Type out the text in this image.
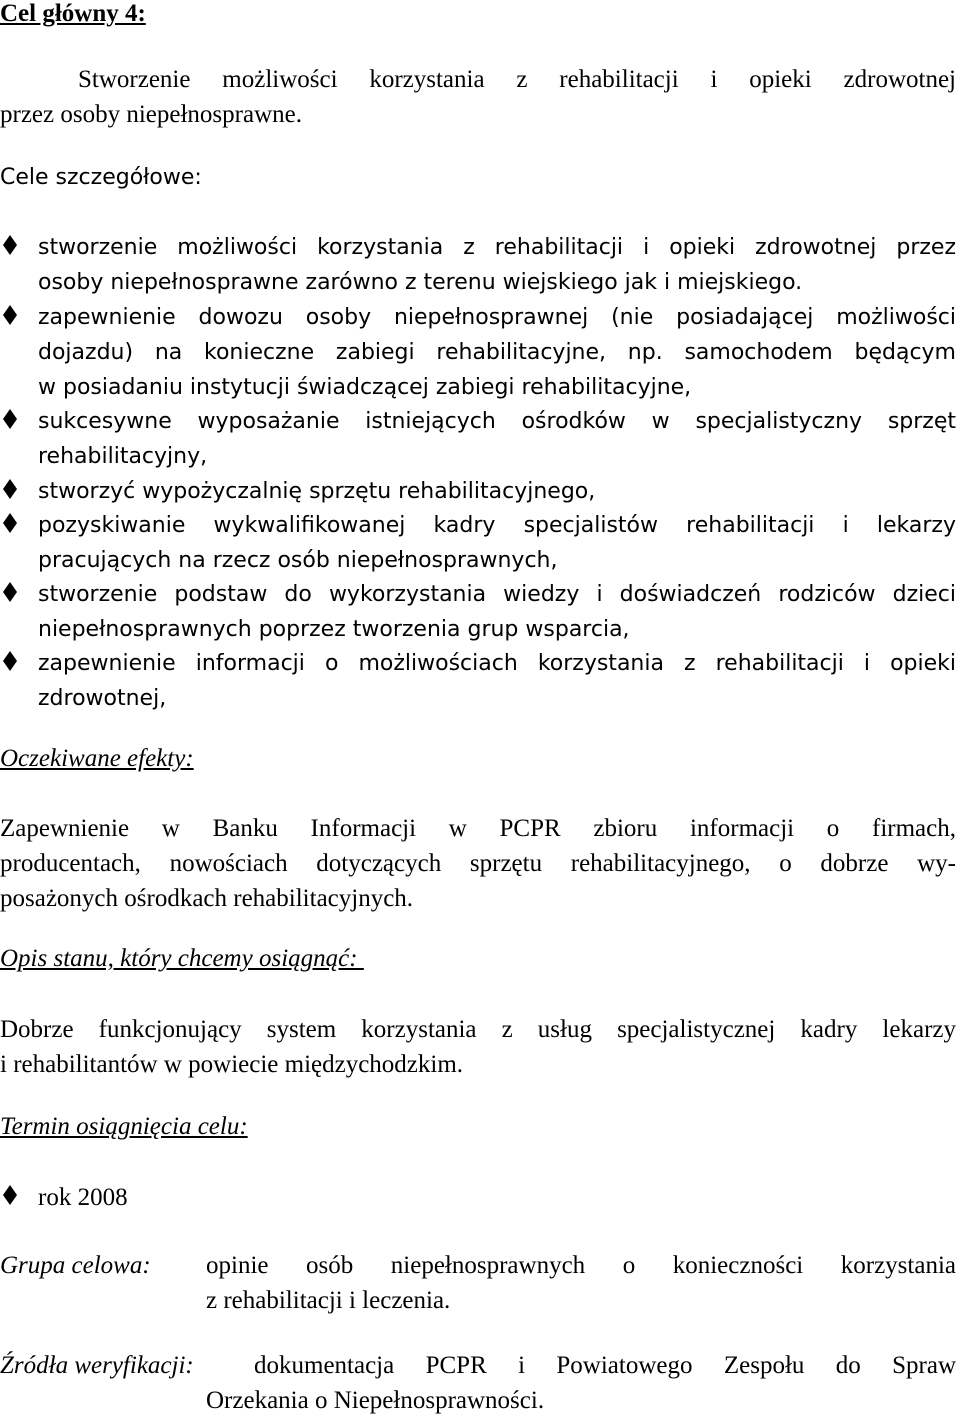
Cel główny 4:
Stworzenie możliwości korzystania z rehabilitacji i opieki zdrowotnej
przez osoby niepełnosprawne.
Cele szczegółowe:
stworzenie możliwości korzystania z rehabilitacji i opieki zdrowotnej przez
osoby niepełnosprawne zarówno z terenu wiejskiego jak i miejskiego.
zapewnienie dowozu osoby niepełnosprawnej (nie posiadającej możliwości
dojazdu) na konieczne zabiegi rehabilitacyjne, np. samochodem będącym
w posiadaniu instytucji świadczącej zabiegi rehabilitacyjne,
sukcesywne wyposażanie istniejących ośrodków w specjalistyczny sprzęt
rehabilitacyjny,
stworzyć wypożyczalnię sprzętu rehabilitacyjnego,
pozyskiwanie wykwalifikowanej kadry specjalistów rehabilitacji i lekarzy
pracujących na rzecz osób niepełnosprawnych,
stworzenie podstaw do wykorzystania wiedzy i doświadczeń rodziców dzieci
niepełnosprawnych poprzez tworzenia grup wsparcia,
zapewnienie informacji o możliwościach korzystania z rehabilitacji i opieki
zdrowotnej,
Oczekiwane efekty:
Zapewnienie w Banku Informacji w PCPR zbioru informacji o firmach,
producentach, nowościach dotyczących sprzętu rehabilitacyjnego, o dobrze wy-
posażonych ośrodkach rehabilitacyjnych.
Opis stanu, który chcemy osiągnąć:
Dobrze funkcjonujący system korzystania z usług specjalistycznej kadry lekarzy
i rehabilitantów w powiecie międzychodzkim.
Termin osiągnięcia celu:
rok 2008
Grupa celowa: opinie osób niepełnosprawnych o konieczności korzystania
z rehabilitacji i leczenia.
Źródła weryfikacji: dokumentacja PCPR i Powiatowego Zespołu do Spraw
Orzekania o Niepełnosprawności.
